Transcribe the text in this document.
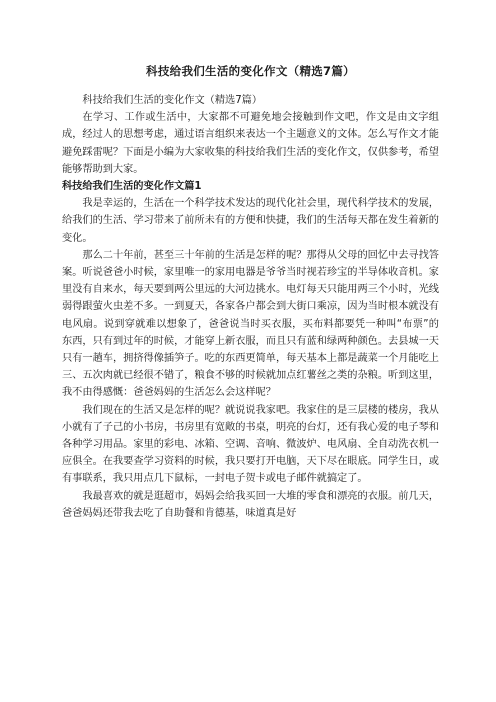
科技给我们生活的变化作文（精选7篇）

科技给我们生活的变化作文（精选7篇）

在学习、工作或生活中，大家都不可避免地会接触到作文吧，作文是由文字组成，经过人的思想考虑，通过语言组织来表达一个主题意义的文体。怎么写作文才能避免踩雷呢？下面是小编为大家收集的科技给我们生活的变化作文，仅供参考，希望能够帮助到大家。

科技给我们生活的变化作文篇1

我是幸运的，生活在一个科学技术发达的现代化社会里，现代科学技术的发展，给我们的生活、学习带来了前所未有的方便和快捷，我们的生活每天都在发生着新的变化。

那么二十年前，甚至三十年前的生活是怎样的呢？那得从父母的回忆中去寻找答案。听说爸爸小时候，家里唯一的家用电器是爷爷当时视若珍宝的半导体收音机。家里没有自来水，每天要到两公里远的大河边挑水。电灯每天只能用两三个小时，光线弱得跟萤火虫差不多。一到夏天，各家各户都会到大街口乘凉，因为当时根本就没有电风扇。说到穿就难以想象了，爸爸说当时买衣服，买布料都要凭一种叫“布票”的东西，只有到过年的时候，才能穿上新衣服，而且只有蓝和绿两种颜色。去县城一天只有一趟车，拥挤得像插笋子。吃的东西更简单，每天基本上都是蔬菜一个月能吃上三、五次肉就已经很不错了，粮食不够的时候就加点红薯丝之类的杂粮。听到这里，我不由得感慨：爸爸妈妈的生活怎么会这样呢？

我们现在的生活又是怎样的呢？就说说我家吧。我家住的是三层楼的楼房，我从小就有了子己的小书房，书房里有宽敞的书桌，明亮的台灯，还有我心爱的电子琴和各种学习用品。家里的彩电、冰箱、空调、音响、微波炉、电风扇、全自动洗衣机一应俱全。在我要查学习资料的时候，我只要打开电脑，天下尽在眼底。同学生日，或有事联系，我只用点几下鼠标，一封电子贺卡或电子邮件就搞定了。

我最喜欢的就是逛超市，妈妈会给我买回一大堆的零食和漂亮的衣服。前几天，爸爸妈妈还带我去吃了自助餐和肯德基，味道真是好
